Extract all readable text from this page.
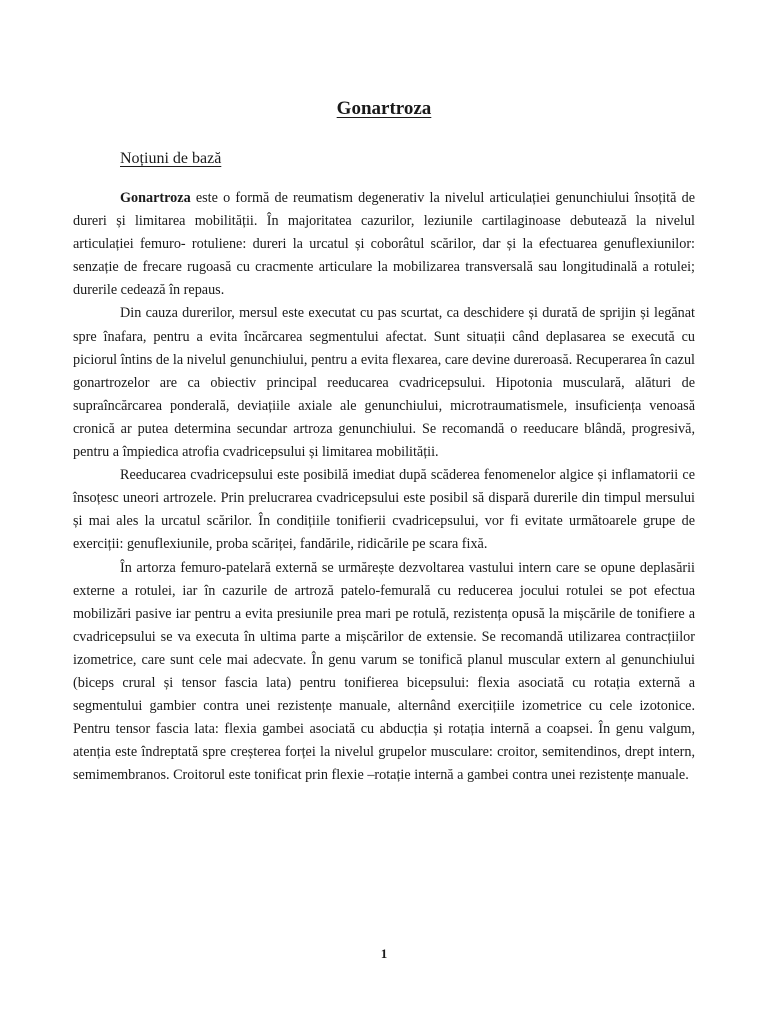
Gonartroza
Noțiuni de bază

Gonartroza este o formă de reumatism degenerativ la nivelul articulației genunchiului însoțită de dureri și limitarea mobilității. În majoritatea cazurilor, leziunile cartilaginoase debutează la nivelul articulației femuro- rotuliene: dureri la urcatul și coborâtul scărilor, dar și la efectuarea genuflexiunilor: senzație de frecare rugoasă cu cracmente articulare la mobilizarea transversală sau longitudinală a rotulei; durerile cedează în repaus.

Din cauza durerilor, mersul este executat cu pas scurtat, ca deschidere și durată de sprijin și legănat spre înafara, pentru a evita încărcarea segmentului afectat. Sunt situații când deplasarea se execută cu piciorul întins de la nivelul genunchiului, pentru a evita flexarea, care devine dureroasă. Recuperarea în cazul gonartrozelor are ca obiectiv principal reeducarea cvadricepsului. Hipotonia musculară, alături de supraîncărcarea ponderală, deviațiile axiale ale genunchiului, microtraumatismele, insuficiența venoasă cronică ar putea determina secundar artroza genunchiului. Se recomandă o reeducare blândă, progresivă, pentru a împiedica atrofia cvadricepsului și limitarea mobilității.

Reeducarea cvadricepsului este posibilă imediat după scăderea fenomenelor algice și inflamatorii ce însoțesc uneori artrozele. Prin prelucrarea cvadricepsului este posibil să dispară durerile din timpul mersului și mai ales la urcatul scărilor. În condițiile tonifierii cvadricepsului, vor fi evitate următoarele grupe de exerciții: genuflexiunile, proba scăriței, fandările, ridicările pe scara fixă.

În artorza femuro-patelară externă se urmărește dezvoltarea vastului intern care se opune deplasării externe a rotulei, iar în cazurile de artroză patelo-femurală cu reducerea jocului rotulei se pot efectua mobilizări pasive iar pentru a evita presiunile prea mari pe rotulă, rezistența opusă la mișcările de tonifiere a cvadricepsului se va executa în ultima parte a mișcărilor de extensie. Se recomandă utilizarea contracțiilor izometrice, care sunt cele mai adecvate. În genu varum se tonifică planul muscular extern al genunchiului (biceps crural și tensor fascia lata) pentru tonifierea bicepsului: flexia asociată cu rotația externă a segmentului gambier contra unei rezistențe manuale, alternând exercițiile izometrice cu cele izotonice. Pentru tensor fascia lata: flexia gambei asociată cu abducția și rotația internă a coapsei. În genu valgum, atenția este îndreptată spre creșterea forței la nivelul grupelor musculare: croitor, semitendinos, drept intern, semimembranos. Croitorul este tonificat prin flexie –rotație internă a gambei contra unei rezistențe manuale.

1
